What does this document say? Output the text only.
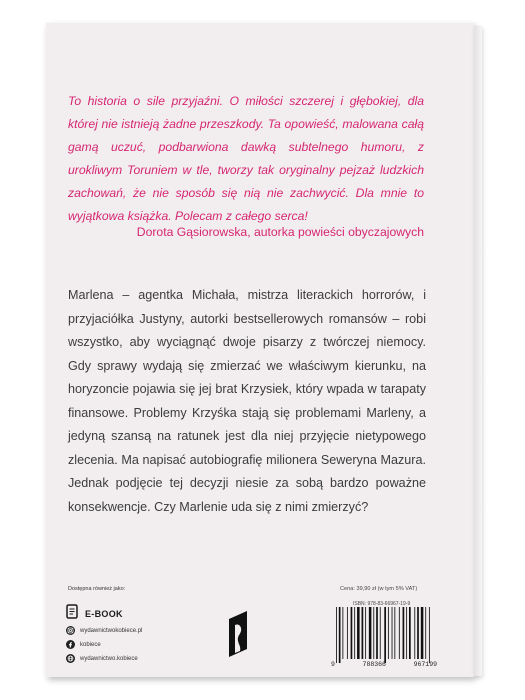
To historia o sile przyjaźni. O miłości szczerej i głębokiej, dla której nie istnieją żadne przeszkody. Ta opowieść, malowana całą gamą uczuć, podbarwiona dawką subtelnego humoru, z urokliwym Toruniem w tle, tworzy tak oryginalny pejzaż ludzkich zachowań, że nie sposób się nią nie zachwycić. Dla mnie to wyjątkowa książka. Polecam z całego serca!

Dorota Gąsiorowska, autorka powieści obyczajowych

Marlena – agentka Michała, mistrza literackich horrorów, i przyjaciółka Justyny, autorki bestsellerowych romansów – robi wszystko, aby wyciągnąć dwoje pisarzy z twórczej niemocy. Gdy sprawy wydają się zmierzać we właściwym kierunku, na horyzoncie pojawia się jej brat Krzysiek, który wpada w tarapaty finansowe. Problemy Krzyśka stają się problemami Marleny, a jedyną szansą na ratunek jest dla niej przyjęcie nietypowego zlecenia. Ma napisać autobiografię milionera Seweryna Mazura. Jednak podjęcie tej decyzji niesie za sobą bardzo poważne konsekwencje. Czy Marlenie uda się z nimi zmierzyć?

Dostępna również jako:

E-BOOK
wydawnictwokobiece.pl
kobiece
wydawnictwo.kobiece

Cena: 39,90 zł (w tym 5% VAT)

ISBN: 978-83-66967-19-9

9	788366	967199
